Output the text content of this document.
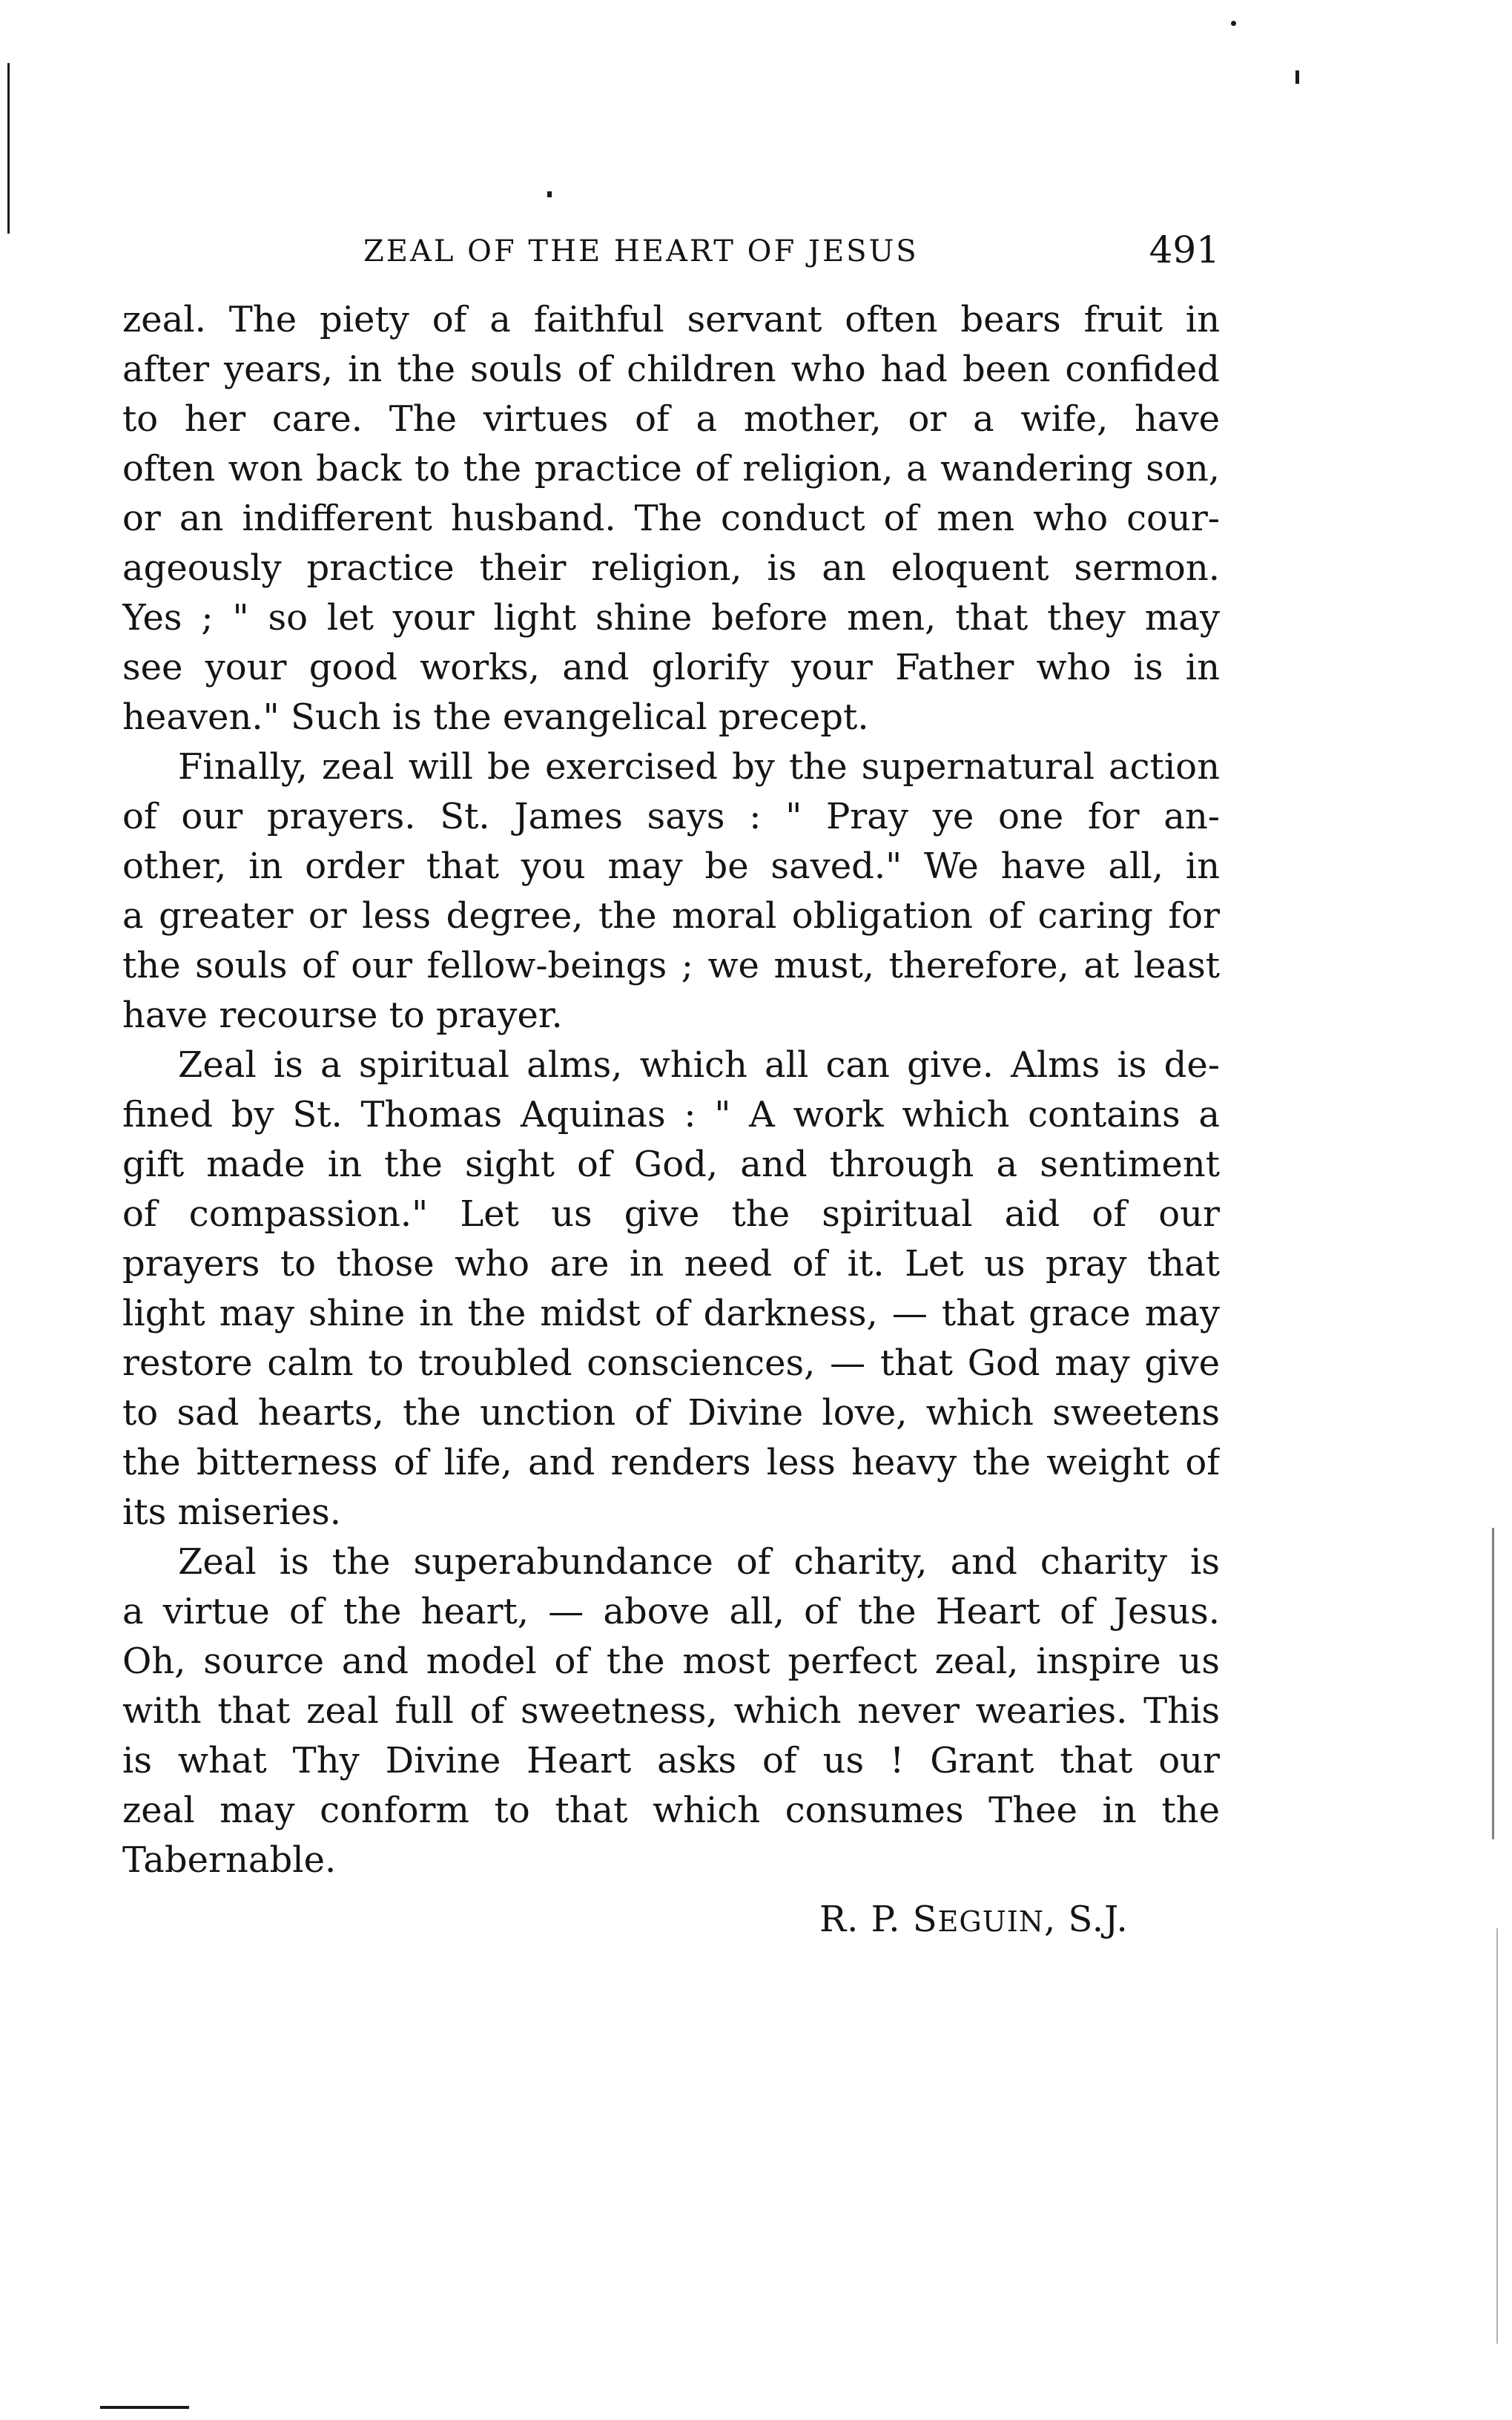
ZEAL OF THE HEART OF JESUS	491
zeal. The piety of a faithful servant often bears fruit in
after years, in the souls of children who had been confided
to her care. The virtues of a mother, or a wife, have
often won back to the practice of religion, a wandering son,
or an indifferent husband. The conduct of men who cour-
ageously practice their religion, is an eloquent sermon.
Yes ; " so let your light shine before men, that they may
see your good works, and glorify your Father who is in
heaven." Such is the evangelical precept.
Finally, zeal will be exercised by the supernatural action
of our prayers. St. James says : " Pray ye one for an-
other, in order that you may be saved." We have all, in
a greater or less degree, the moral obligation of caring for
the souls of our fellow-beings ; we must, therefore, at least
have recourse to prayer.
Zeal is a spiritual alms, which all can give. Alms is de-
fined by St. Thomas Aquinas : " A work which contains a
gift made in the sight of God, and through a sentiment
of compassion." Let us give the spiritual aid of our
prayers to those who are in need of it. Let us pray that
light may shine in the midst of darkness, — that grace may
restore calm to troubled consciences, — that God may give
to sad hearts, the unction of Divine love, which sweetens
the bitterness of life, and renders less heavy the weight of
its miseries.
Zeal is the superabundance of charity, and charity is
a virtue of the heart, — above all, of the Heart of Jesus.
Oh, source and model of the most perfect zeal, inspire us
with that zeal full of sweetness, which never wearies. This
is what Thy Divine Heart asks of us ! Grant that our
zeal may conform to that which consumes Thee in the
Tabernable.
R. P. SEGUIN, S.J.
